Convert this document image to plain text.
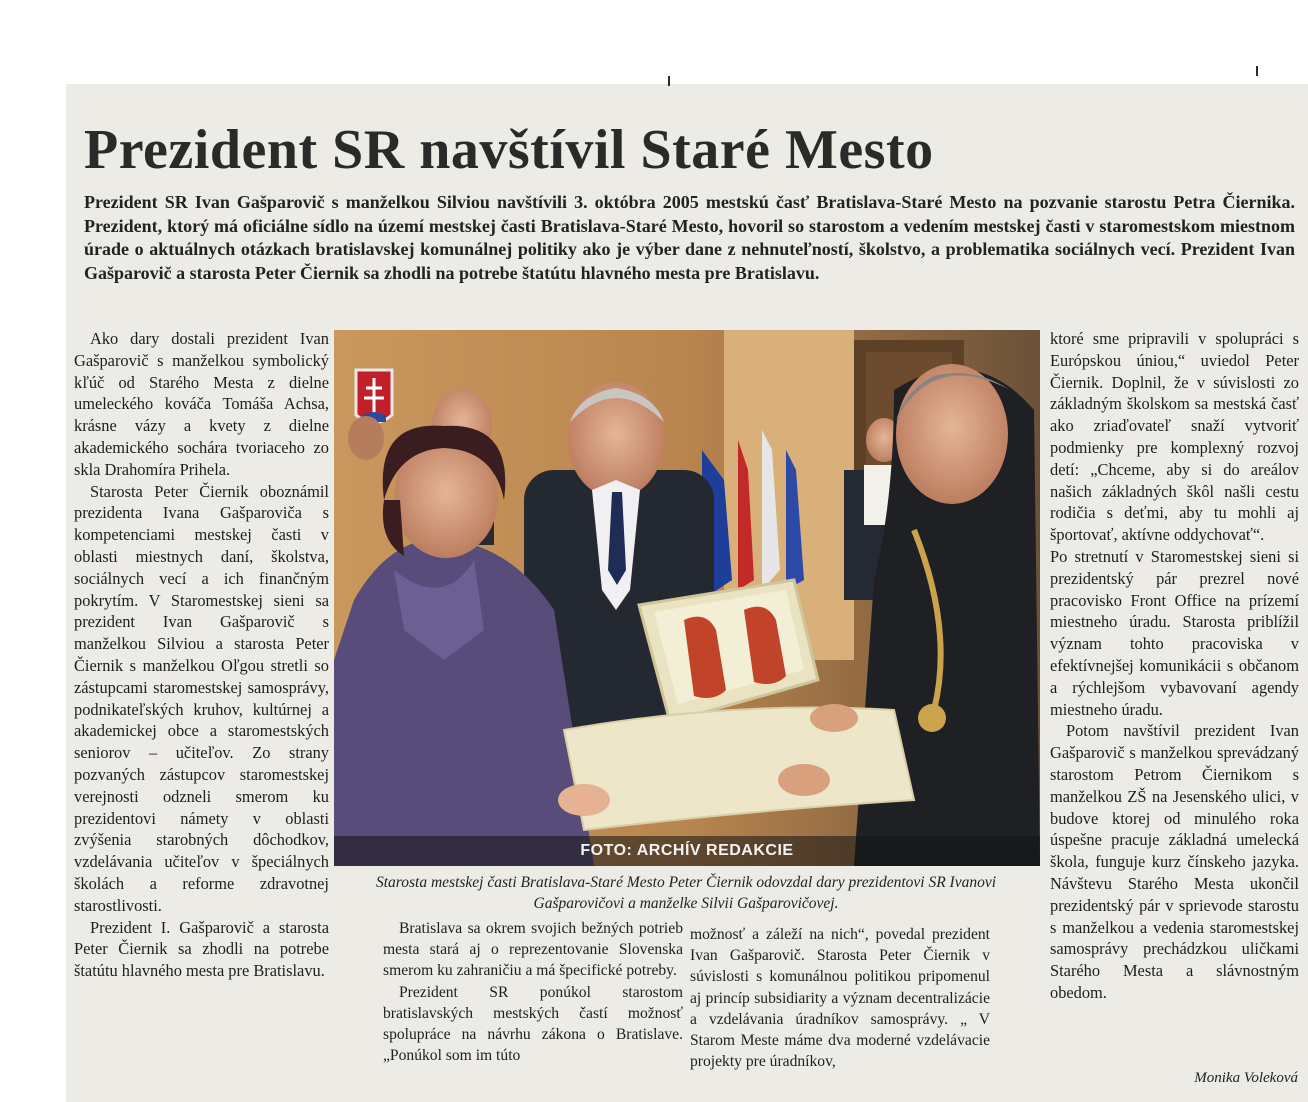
Prezident SR navštívil Staré Mesto
Prezident SR Ivan Gašparovič s manželkou Silviou navštívili 3. októbra 2005 mestskú časť Bratislava-Staré Mesto na pozvanie starostu Petra Čiernika. Prezident, ktorý má oficiálne sídlo na území mestskej časti Bratislava-Staré Mesto, hovoril so starostom a vedením mestskej časti v staromestskom miestnom úrade o aktuálnych otázkach bratislavskej komunálnej politiky ako je výber dane z nehnuteľností, školstvo, a problematika sociálnych vecí. Prezident Ivan Gašparovič a starosta Peter Čiernik sa zhodli na potrebe štatútu hlavného mesta pre Bratislavu.

Ako dary dostali prezident Ivan Gašparovič s manželkou symbolický kľúč od Starého Mesta z dielne umeleckého kováča Tomáša Achsa, krásne vázy a kvety z dielne akademického sochára tvoriaceho zo skla Drahomíra Prihela.

Starosta Peter Čiernik oboznámil prezidenta Ivana Gašparoviča s kompetenciami mestskej časti v oblasti miestnych daní, školstva, sociálnych vecí a ich finančným pokrytím. V Staromestskej sieni sa prezident Ivan Gašparovič s manželkou Silviou a starosta Peter Čiernik s manželkou Oľgou stretli so zástupcami staromestskej samosprávy, podnikateľských kruhov, kultúrnej a akademickej obce a staromestských seniorov – učiteľov. Zo strany pozvaných zástupcov staromestskej verejnosti odzneli smerom ku prezidentovi námety v oblasti zvýšenia starobných dôchodkov, vzdelávania učiteľov v špeciálnych školách a reforme zdravotnej starostlivosti.

Prezident I. Gašparovič a starosta Peter Čiernik sa zhodli na potrebe štatútu hlavného mesta pre Bratislavu.

FOTO: ARCHÍV REDAKCIE
Starosta mestskej časti Bratislava-Staré Mesto Peter Čiernik odovzdal dary prezidentovi SR Ivanovi Gašparovičovi a manželke Silvii Gašparovičovej.

Bratislava sa okrem svojich bežných potrieb mesta stará aj o reprezentovanie Slovenska smerom ku zahraničiu a má špecifické potreby.

Prezident SR ponúkol starostom bratislavských mestských častí možnosť spolupráce na návrhu zákona o Bratislave. „Ponúkol som im túto

možnosť a záleží na nich“, povedal prezident Ivan Gašparovič. Starosta Peter Čiernik v súvislosti s komunálnou politikou pripomenul aj princíp subsidiarity a význam decentralizácie a vzdelávania úradníkov samosprávy. „ V Starom Meste máme dva moderné vzdelávacie projekty pre úradníkov,

ktoré sme pripravili v spolupráci s Európskou úniou,“ uviedol Peter Čiernik. Doplnil, že v súvislosti zo základným školskom sa mestská časť ako zriaďovateľ snaží vytvoriť podmienky pre komplexný rozvoj detí: „Chceme, aby si do areálov našich základných škôl našli cestu rodičia s deťmi, aby tu mohli aj športovať, aktívne oddychovať“.

Po stretnutí v Staromestskej sieni si prezidentský pár prezrel nové pracovisko Front Office na prízemí miestneho úradu. Starosta priblížil význam tohto pracoviska v efektívnejšej komunikácii s občanom a rýchlejšom vybavovaní agendy miestneho úradu.

Potom navštívil prezident Ivan Gašparovič s manželkou sprevádzaný starostom Petrom Čiernikom s manželkou ZŠ na Jesenského ulici, v budove ktorej od minulého roka úspešne pracuje základná umelecká škola, funguje kurz čínskeho jazyka. Návštevu Starého Mesta ukončil prezidentský pár v sprievode starostu s manželkou a vedenia staromestskej samosprávy prechádzkou uličkami Starého Mesta a slávnostným obedom.

Monika Voleková
